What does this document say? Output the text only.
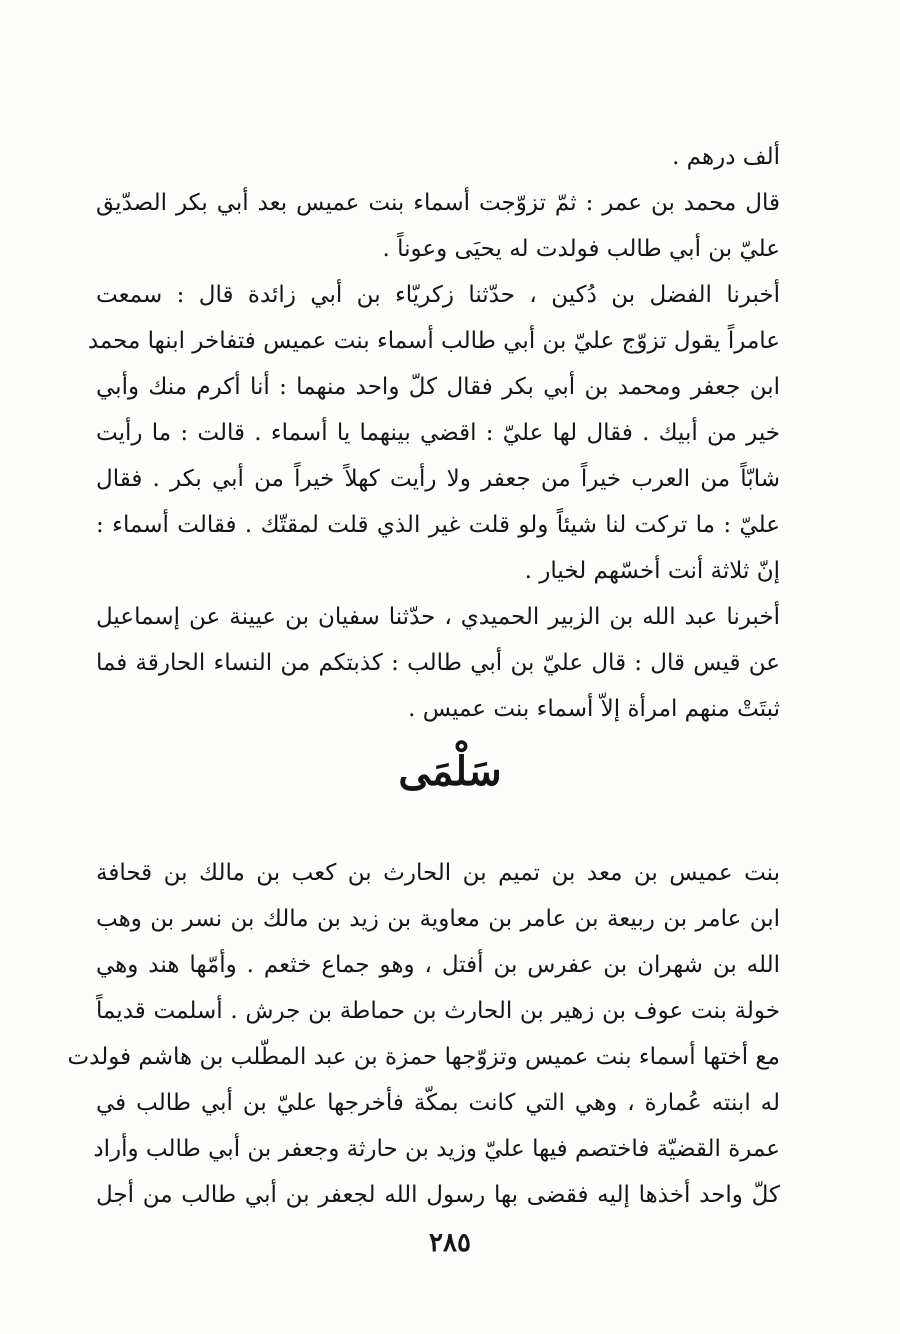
ألف درهم .

قال محمد بن عمر : ثمّ تزوّجت أسماء بنت عميس بعد أبي بكر الصدّيق
عليّ بن أبي طالب فولدت له يحيَى وعوناً .

أخبرنا الفضل بن دُكين ، حدّثنا زكريّاء بن أبي زائدة قال : سمعت
عامراً يقول تزوّج عليّ بن أبي طالب أسماء بنت عميس فتفاخر ابنها محمد
ابن جعفر ومحمد بن أبي بكر فقال كلّ واحد منهما : أنا أكرم منك وأبي
خير من أبيك . فقال لها عليّ : اقضي بينهما يا أسماء . قالت : ما رأيت
شابّاً من العرب خيراً من جعفر ولا رأيت كهلاً خيراً من أبي بكر . فقال
عليّ : ما تركت لنا شيئاً ولو قلت غير الذي قلت لمقتّك . فقالت أسماء :
إنّ ثلاثة أنت أخسّهم لخيار .

أخبرنا عبد الله بن الزبير الحميدي ، حدّثنا سفيان بن عيينة عن إسماعيل
عن قيس قال : قال عليّ بن أبي طالب : كذبتكم من النساء الحارقة فما
ثبتَتْ منهم امرأة إلاّ أسماء بنت عميس .

سَلْمَى

بنت عميس بن معد بن تميم بن الحارث بن كعب بن مالك بن قحافة
ابن عامر بن ربيعة بن عامر بن معاوية بن زيد بن مالك بن نسر بن وهب
الله بن شهران بن عفرس بن أفتل ، وهو جماع خثعم . وأمّها هند وهي
خولة بنت عوف بن زهير بن الحارث بن حماطة بن جرش . أسلمت قديماً
مع أختها أسماء بنت عميس وتزوّجها حمزة بن عبد المطّلب بن هاشم فولدت
له ابنته عُمارة ، وهي التي كانت بمكّة فأخرجها عليّ بن أبي طالب في
عمرة القضيّة فاختصم فيها عليّ وزيد بن حارثة وجعفر بن أبي طالب وأراد
كلّ واحد أخذها إليه فقضى بها رسول الله لجعفر بن أبي طالب من أجل

٢٨٥
